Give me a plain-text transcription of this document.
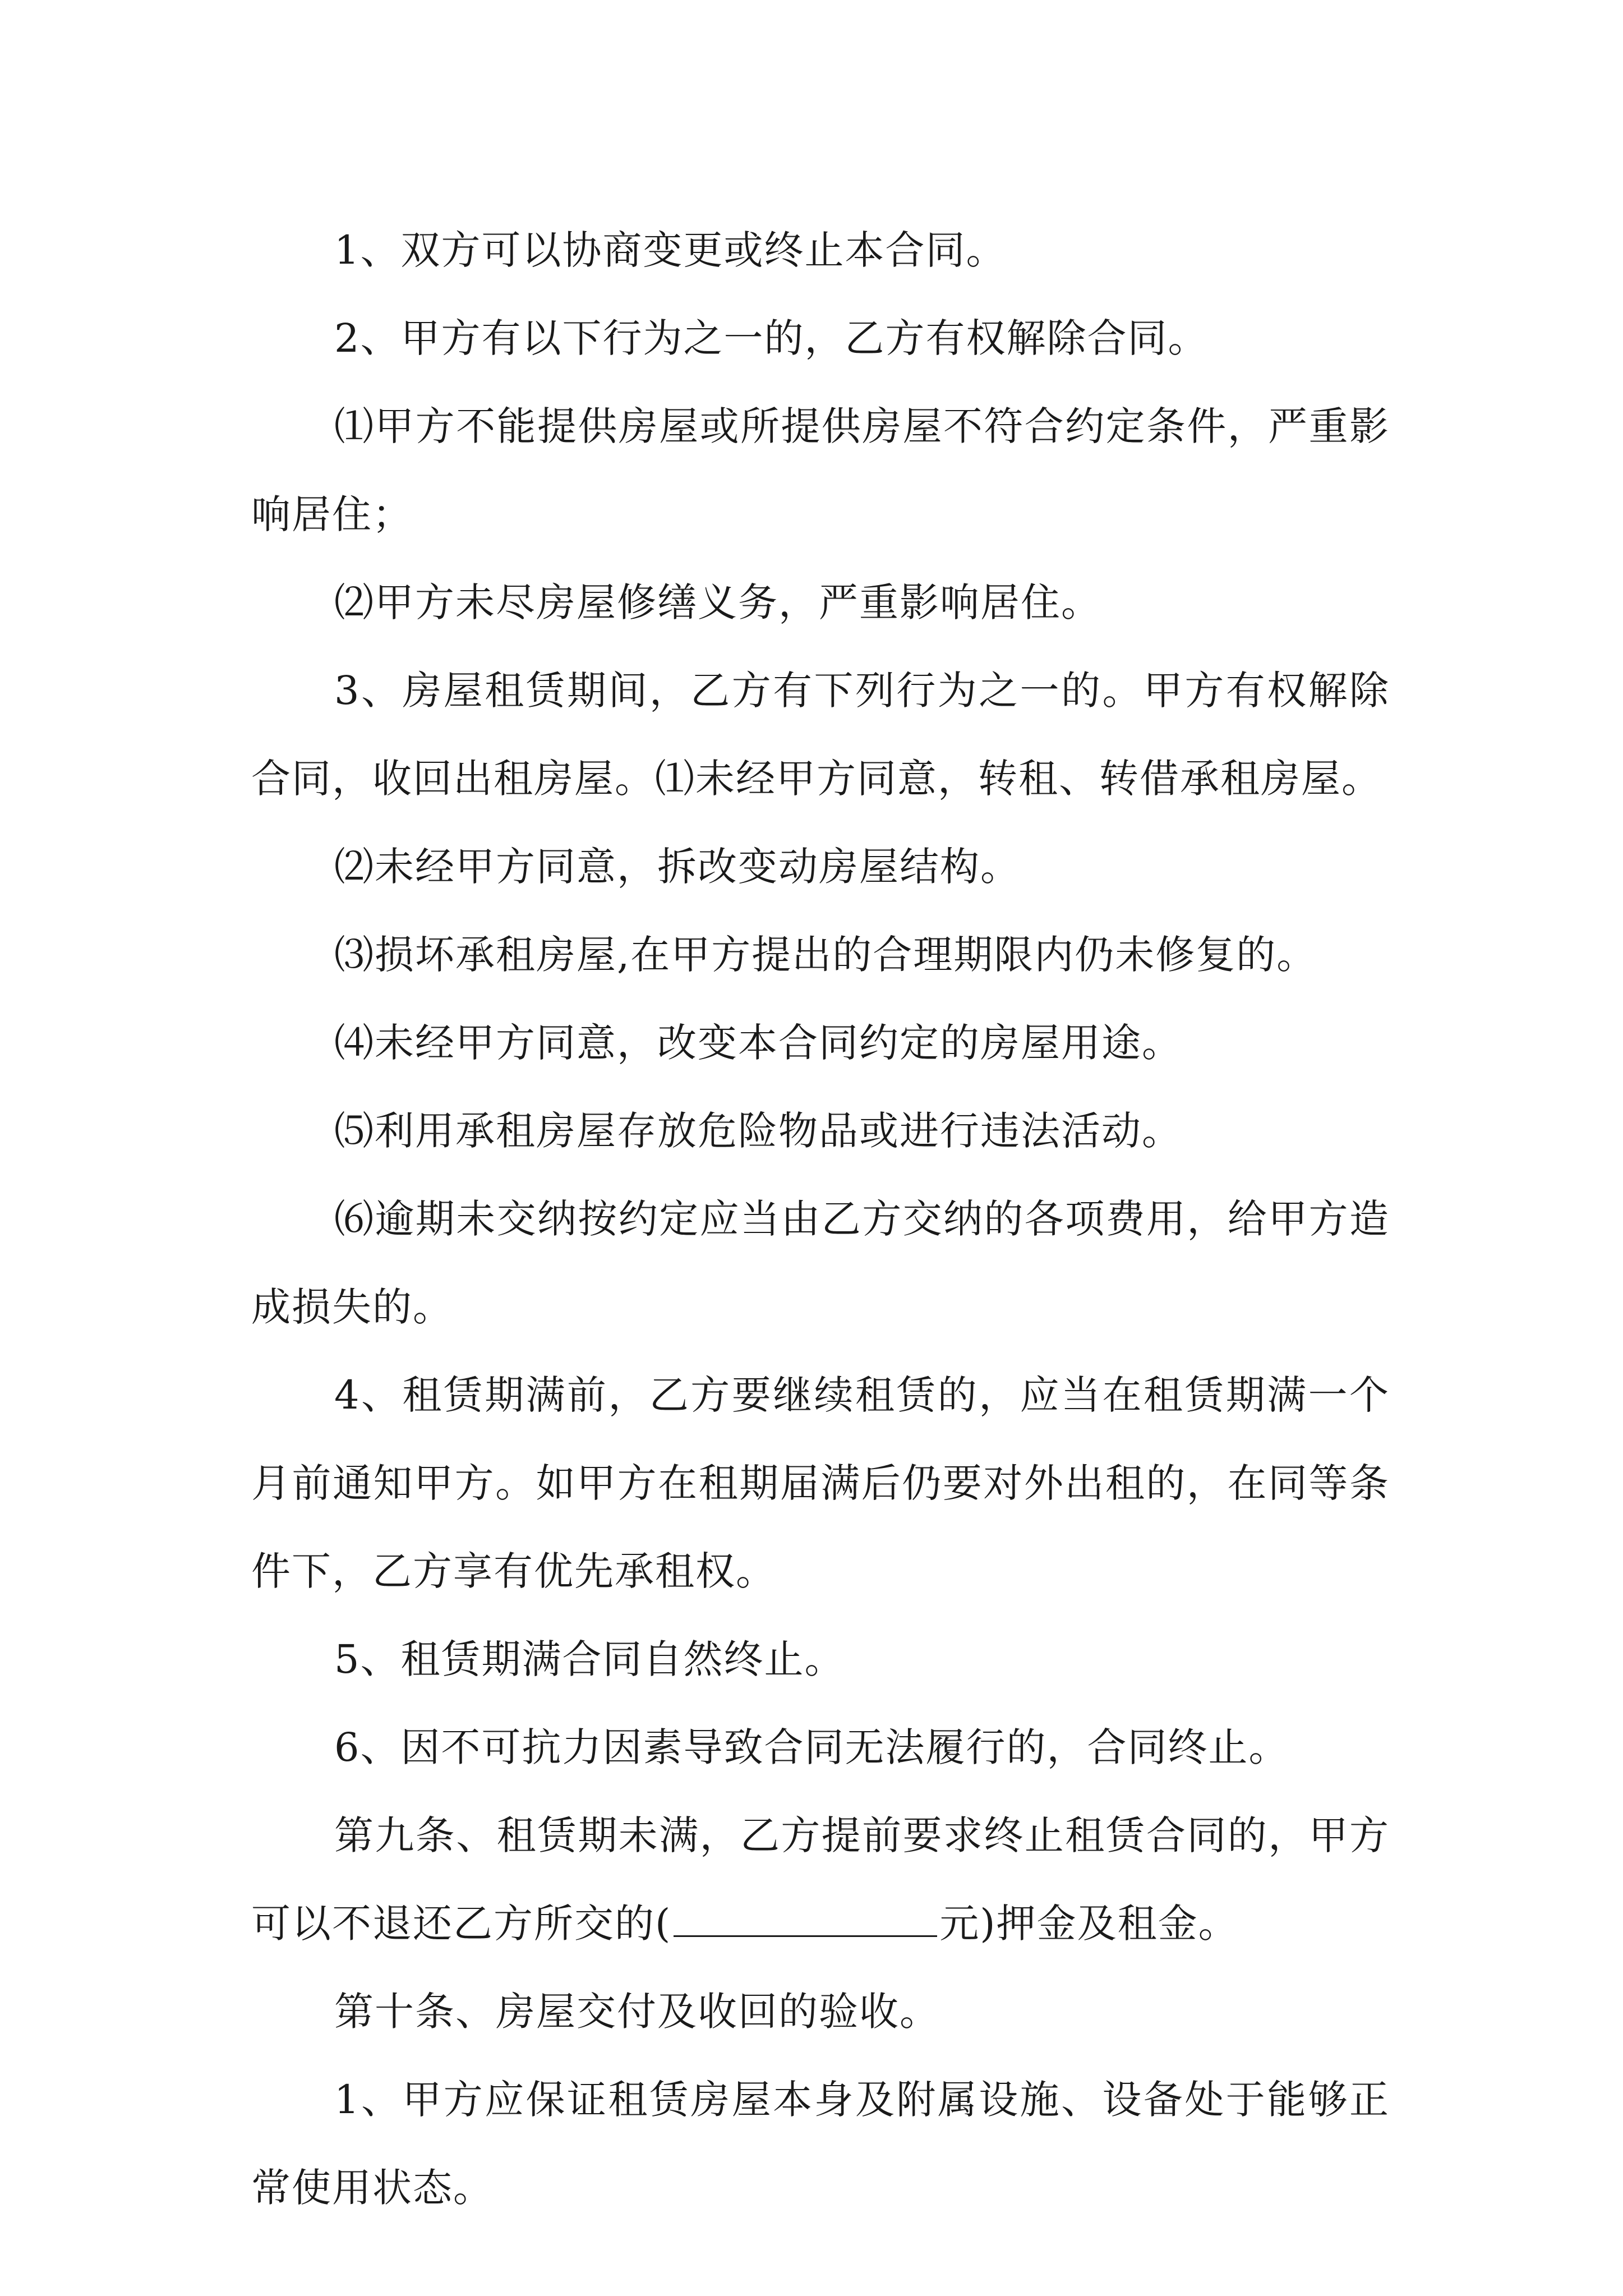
1、双方可以协商变更或终止本合同。

2、甲方有以下行为之一的，乙方有权解除合同。

⑴甲方不能提供房屋或所提供房屋不符合约定条件，严重影响居住；

⑵甲方未尽房屋修缮义务，严重影响居住。

3、房屋租赁期间，乙方有下列行为之一的。甲方有权解除合同，收回出租房屋。⑴未经甲方同意，转租、转借承租房屋。

⑵未经甲方同意，拆改变动房屋结构。

⑶损坏承租房屋,在甲方提出的合理期限内仍未修复的。

⑷未经甲方同意，改变本合同约定的房屋用途。

⑸利用承租房屋存放危险物品或进行违法活动。

⑹逾期未交纳按约定应当由乙方交纳的各项费用，给甲方造成损失的。

4、租赁期满前，乙方要继续租赁的，应当在租赁期满一个月前通知甲方。如甲方在租期届满后仍要对外出租的，在同等条件下，乙方享有优先承租权。

5、租赁期满合同自然终止。

6、因不可抗力因素导致合同无法履行的，合同终止。

第九条、租赁期未满，乙方提前要求终止租赁合同的，甲方可以不退还乙方所交的(	元)押金及租金。

第十条、房屋交付及收回的验收。

1、甲方应保证租赁房屋本身及附属设施、设备处于能够正常使用状态。
